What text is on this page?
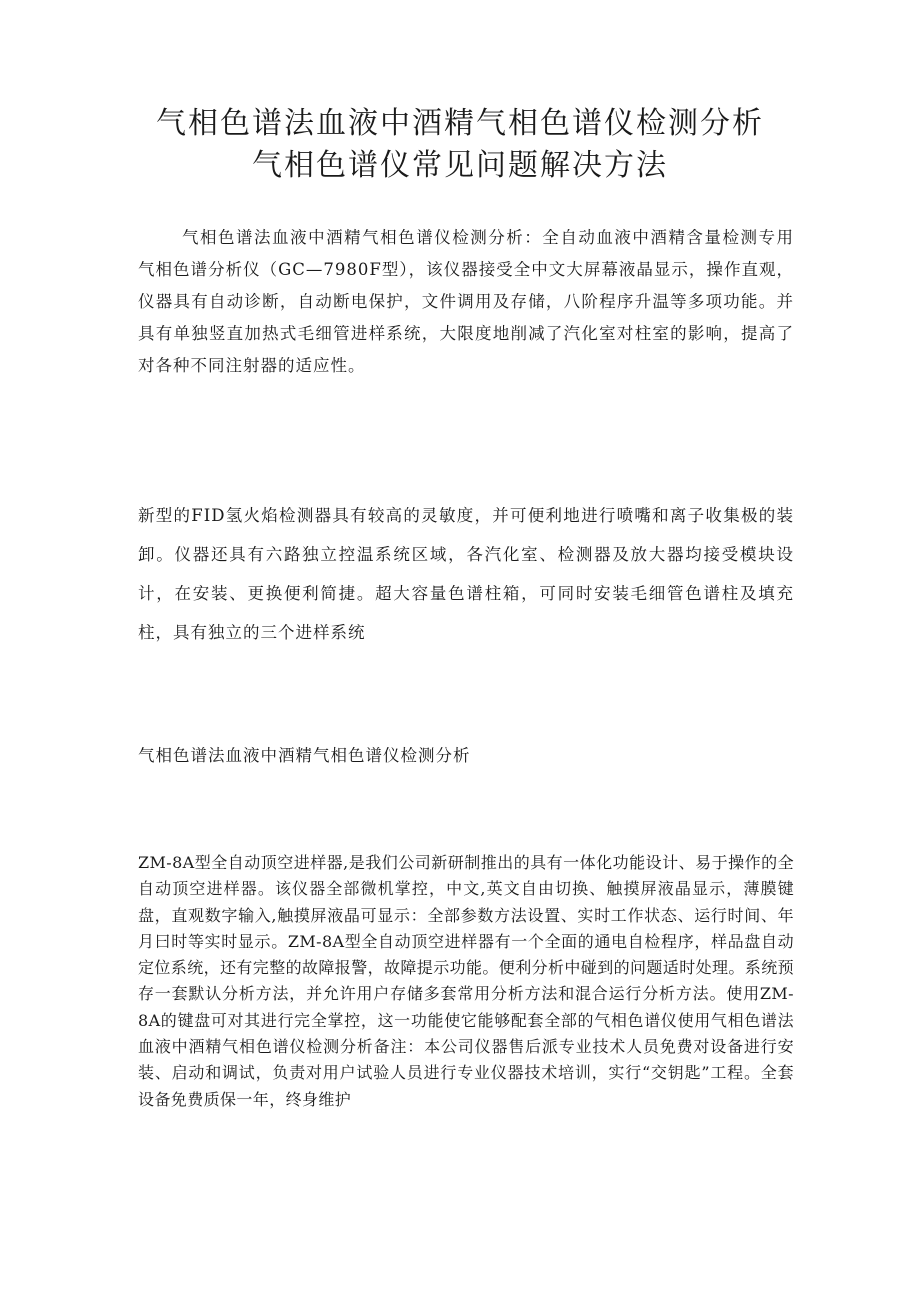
气相色谱法血液中酒精气相色谱仪检测分析
气相色谱仪常见问题解决方法

气相色谱法血液中酒精气相色谱仪检测分析：全自动血液中酒精含量检测专用气相色谱分析仪（GC—7980F型），该仪器接受全中文大屏幕液晶显示，操作直观，仪器具有自动诊断，自动断电保护，文件调用及存储，八阶程序升温等多项功能。并具有单独竖直加热式毛细管进样系统，大限度地削减了汽化室对柱室的影响，提高了对各种不同注射器的适应性。

新型的FID氢火焰检测器具有较高的灵敏度，并可便利地进行喷嘴和离子收集极的装卸。仪器还具有六路独立控温系统区域，各汽化室、检测器及放大器均接受模块设计，在安装、更换便利简捷。超大容量色谱柱箱，可同时安装毛细管色谱柱及填充柱，具有独立的三个进样系统

气相色谱法血液中酒精气相色谱仪检测分析

ZM-8A型全自动顶空进样器,是我们公司新研制推出的具有一体化功能设计、易于操作的全自动顶空进样器。该仪器全部微机掌控，中文,英文自由切换、触摸屏液晶显示，薄膜键盘，直观数字输入,触摸屏液晶可显示：全部参数方法设置、实时工作状态、运行时间、年月曰时等实时显示。ZM-8A型全自动顶空进样器有一个全面的通电自检程序，样品盘自动定位系统，还有完整的故障报警，故障提示功能。便利分析中碰到的问题适时处理。系统预存一套默认分析方法，并允许用户存储多套常用分析方法和混合运行分析方法。使用ZM-8A的键盘可对其进行完全掌控，这一功能使它能够配套全部的气相色谱仪使用气相色谱法血液中酒精气相色谱仪检测分析备注：本公司仪器售后派专业技术人员免费对设备进行安装、启动和调试，负责对用户试验人员进行专业仪器技术培训，实行“交钥匙”工程。全套设备免费质保一年，终身维护
